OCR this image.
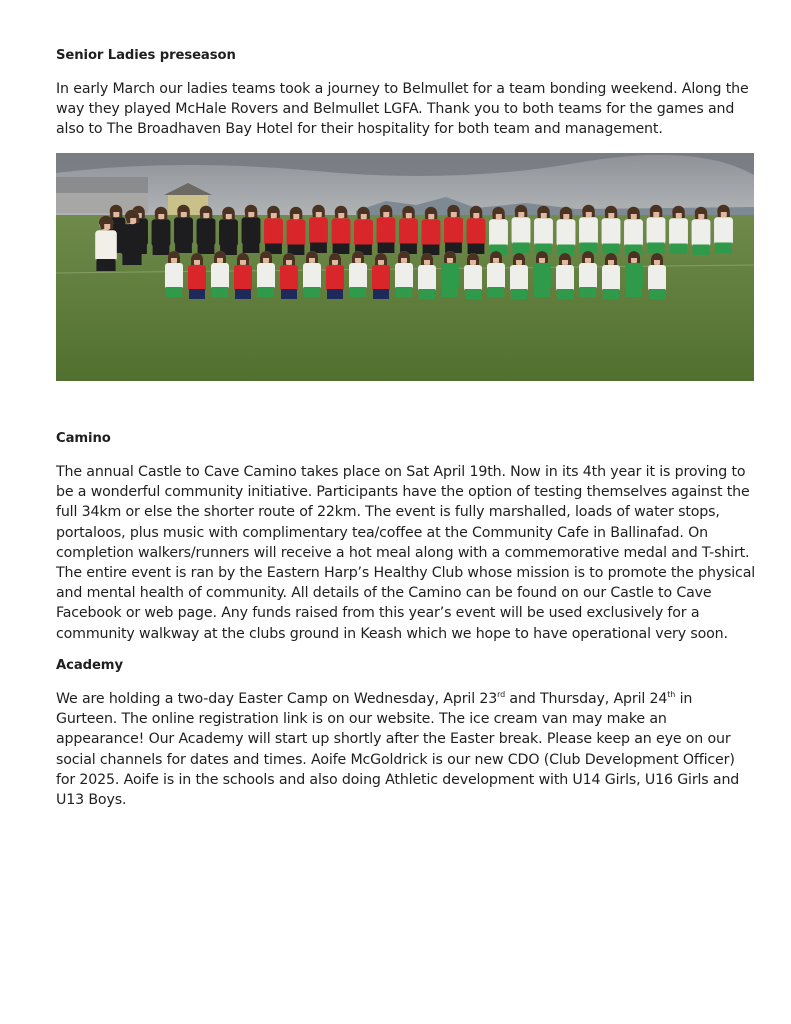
Senior Ladies preseason

In early March our ladies teams took a journey to Belmullet for a team bonding weekend. Along the way they played McHale Rovers and Belmullet LGFA. Thank you to both teams for the games and also to The Broadhaven Bay Hotel for their hospitality for both team and management.

Camino

The annual Castle to Cave Camino takes place on Sat April 19th. Now in its 4th year it is proving to be a wonderful community initiative. Participants have the option of testing themselves against the full 34km or else the shorter route of 22km. The event is fully marshalled, loads of water stops, portaloos, plus music with complimentary tea/coffee at the Community Cafe in Ballinafad. On completion walkers/runners will receive a hot meal along with a commemorative medal and T-shirt. The entire event is ran by the Eastern Harp’s Healthy Club whose mission is to promote the physical and mental health of community. All details of the Camino can be found on our Castle to Cave Facebook or web page. Any funds raised from this year’s event will be used exclusively for a community walkway at the clubs ground in Keash which we hope to have operational very soon.

Academy

We are holding a two-day Easter Camp on Wednesday, April 23rd and Thursday, April 24th in Gurteen. The online registration link is on our website. The ice cream van may make an appearance! Our Academy will start up shortly after the Easter break. Please keep an eye on our social channels for dates and times. Aoife McGoldrick is our new CDO (Club Development Officer) for 2025. Aoife is in the schools and also doing Athletic development with U14 Girls, U16 Girls and U13 Boys.
